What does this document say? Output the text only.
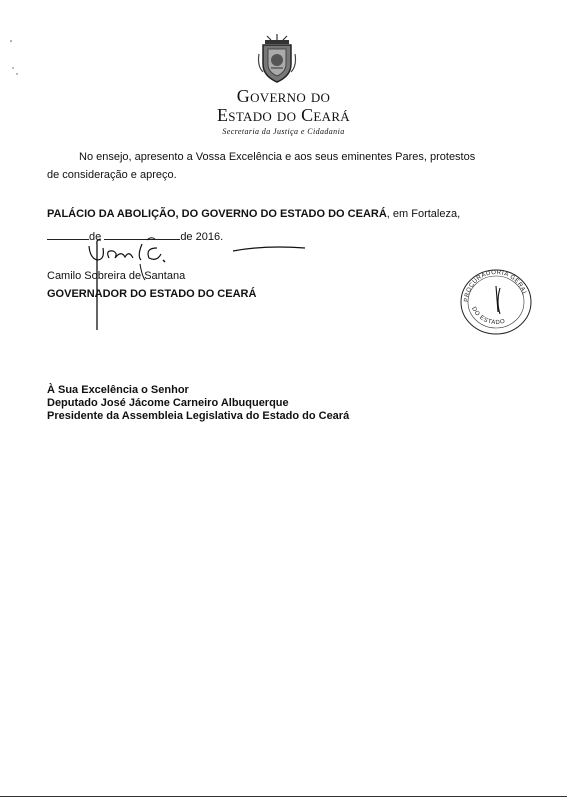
Governo do
Estado do Ceará
Secretaria da Justiça e Cidadania
No ensejo, apresento a Vossa Excelência e aos seus eminentes Pares, protestos
de consideração e apreço.
PALÁCIO DA ABOLIÇÃO, DO GOVERNO DO ESTADO DO CEARÁ, em Fortaleza,
de	de 2016.
Camilo Sobreira de Santana
GOVERNADOR DO ESTADO DO CEARÁ	PROCURADORIA GERAL
DO ESTADO
À Sua Excelência o Senhor
Deputado José Jácome Carneiro Albuquerque
Presidente da Assembleia Legislativa do Estado do Ceará
